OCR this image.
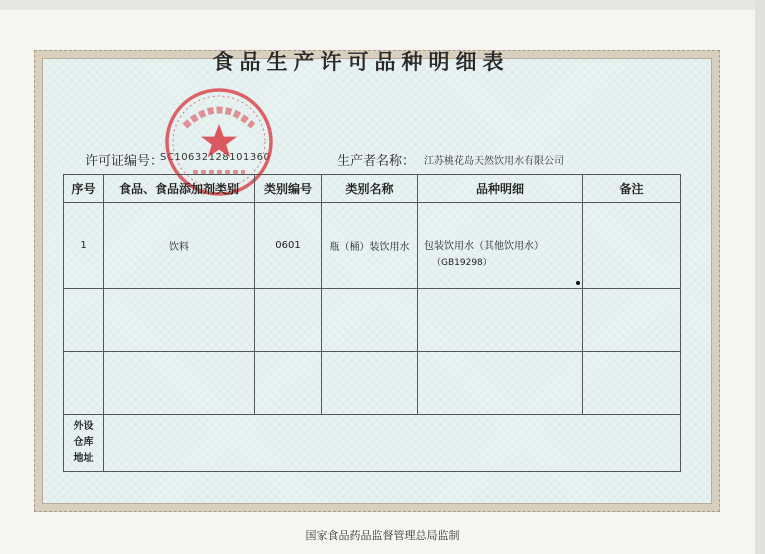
食品生产许可品种明细表
许可证编号：
SC10632128101360	生产者名称： 江苏桃花岛天然饮用水有限公司
序号	食品、食品添加剂类别	类别编号	类别名称	品种明细	备注
1	饮料	0601	瓶（桶）装饮用水	包装饮用水（其他饮用水）
（GB19298）	

外设仓库地址					
国家食品药品监督管理总局监制
